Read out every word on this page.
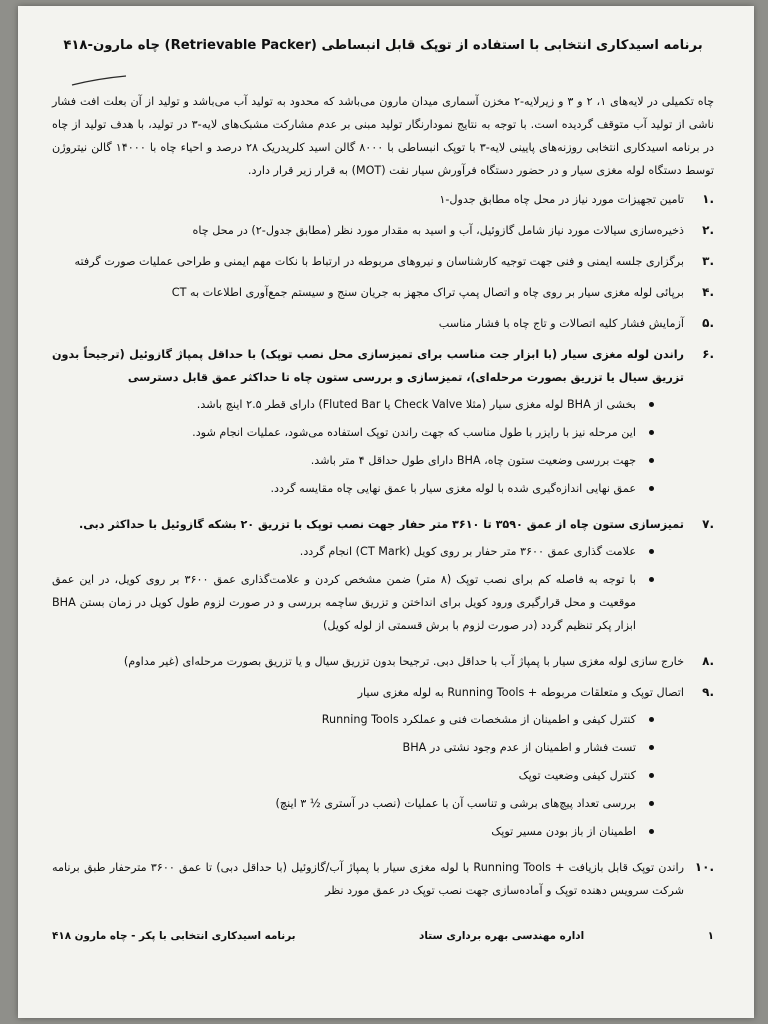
برنامه اسیدکاری انتخابی با استفاده از توپک قابل انبساطی (Retrievable Packer) چاه مارون-۴۱۸

چاه تکمیلی در لایه‌های ۱، ۲ و ۳ و زیرلایه-۲ مخزن آسماری میدان مارون می‌باشد که محدود به تولید آب می‌باشد و تولید از آن بعلت افت فشار ناشی از تولید آب متوقف گردیده است. با توجه به نتایج نمودارنگار تولید مبنی بر عدم مشارکت مشبک‌های لایه-۳ در تولید، با هدف تولید از چاه در برنامه اسیدکاری انتخابی روزنه‌های پایینی لایه-۳ با توپک انبساطی با ۸۰۰۰ گالن اسید کلریدریک ۲۸ درصد و احیاء چاه با ۱۴۰۰۰ گالن نیتروژن توسط دستگاه لوله مغزی سیار و در حضور دستگاه فرآورش سیار نفت (MOT) به قرار زیر قرار دارد.

.۱
تامین تجهیزات مورد نیاز در محل چاه مطابق جدول-۱
.۲
ذخیره‌سازی سیالات مورد نیاز شامل گازوئیل، آب و اسید به مقدار مورد نظر (مطابق جدول-۲) در محل چاه
.۳
برگزاری جلسه ایمنی و فنی جهت توجیه کارشناسان و نیروهای مربوطه در ارتباط با نکات مهم ایمنی و طراحی عملیات صورت گرفته
.۴
برپائی لوله مغزی سیار بر روی چاه و اتصال پمپ تراک مجهز به جریان سنج و سیستم جمع‌آوری اطلاعات به CT
.۵
آزمایش فشار کلیه اتصالات و تاج چاه با فشار مناسب
.۶
راندن لوله مغزی سیار (با ابزار جت مناسب برای تمیزسازی محل نصب توپک) با حداقل پمپاژ گازوئیل (ترجیحاً بدون تزریق سیال یا تزریق بصورت مرحله‌ای)، تمیزسازی و بررسی ستون چاه تا حداکثر عمق قابل دسترسی
بخشی از BHA لوله مغزی سیار (مثلا Check Valve یا Fluted Bar) دارای قطر ۲.۵ اینچ باشد.
این مرحله نیز با رایزر با طول مناسب که جهت راندن توپک استفاده می‌شود، عملیات انجام شود.
جهت بررسی وضعیت ستون چاه، BHA دارای طول حداقل ۴ متر باشد.
عمق نهایی اندازه‌گیری شده با لوله مغزی سیار با عمق نهایی چاه مقایسه گردد.
.۷
تمیزسازی ستون چاه از عمق ۳۵۹۰ تا ۳۶۱۰ متر حفار جهت نصب توپک با تزریق ۲۰ بشکه گازوئیل با حداکثر دبی.
علامت گذاری عمق ۳۶۰۰ متر حفار بر روی کویل (CT Mark) انجام گردد.
با توجه به فاصله کم برای نصب توپک (۸ متر) ضمن مشخص کردن و علامت‌گذاری عمق ۳۶۰۰ بر روی کویل، در این عمق موقعیت و محل قرارگیری ورود کویل برای انداختن و تزریق ساچمه بررسی و در صورت لزوم طول کویل در زمان بستن BHA ابزار پکر تنظیم گردد (در صورت لزوم با برش قسمتی از لوله کویل)
.۸
خارج سازی لوله مغزی سیار با پمپاژ آب با حداقل دبی. ترجیحا بدون تزریق سیال و یا تزریق بصورت مرحله‌ای (غیر مداوم)
.۹
اتصال توپک و متعلقات مربوطه + Running Tools به لوله مغزی سیار
کنترل کیفی و اطمینان از مشخصات فنی و عملکرد Running Tools
تست فشار و اطمینان از عدم وجود نشتی در BHA
کنترل کیفی وضعیت توپک
بررسی تعداد پیچ‌های برشی و تناسب آن با عملیات (نصب در آستری ½ ۳ اینچ)
اطمینان از باز بودن مسیر توپک
.۱۰
راندن توپک قابل بازیافت + Running Tools با لوله مغزی سیار با پمپاژ آب/گازوئیل (با حداقل دبی) تا عمق ۳۶۰۰ مترحفار طبق برنامه شرکت سرویس دهنده توپک و آماده‌سازی جهت نصب توپک در عمق مورد نظر
۱
اداره مهندسی بهره برداری ستاد
برنامه اسیدکاری انتخابی با پکر - چاه مارون ۴۱۸
